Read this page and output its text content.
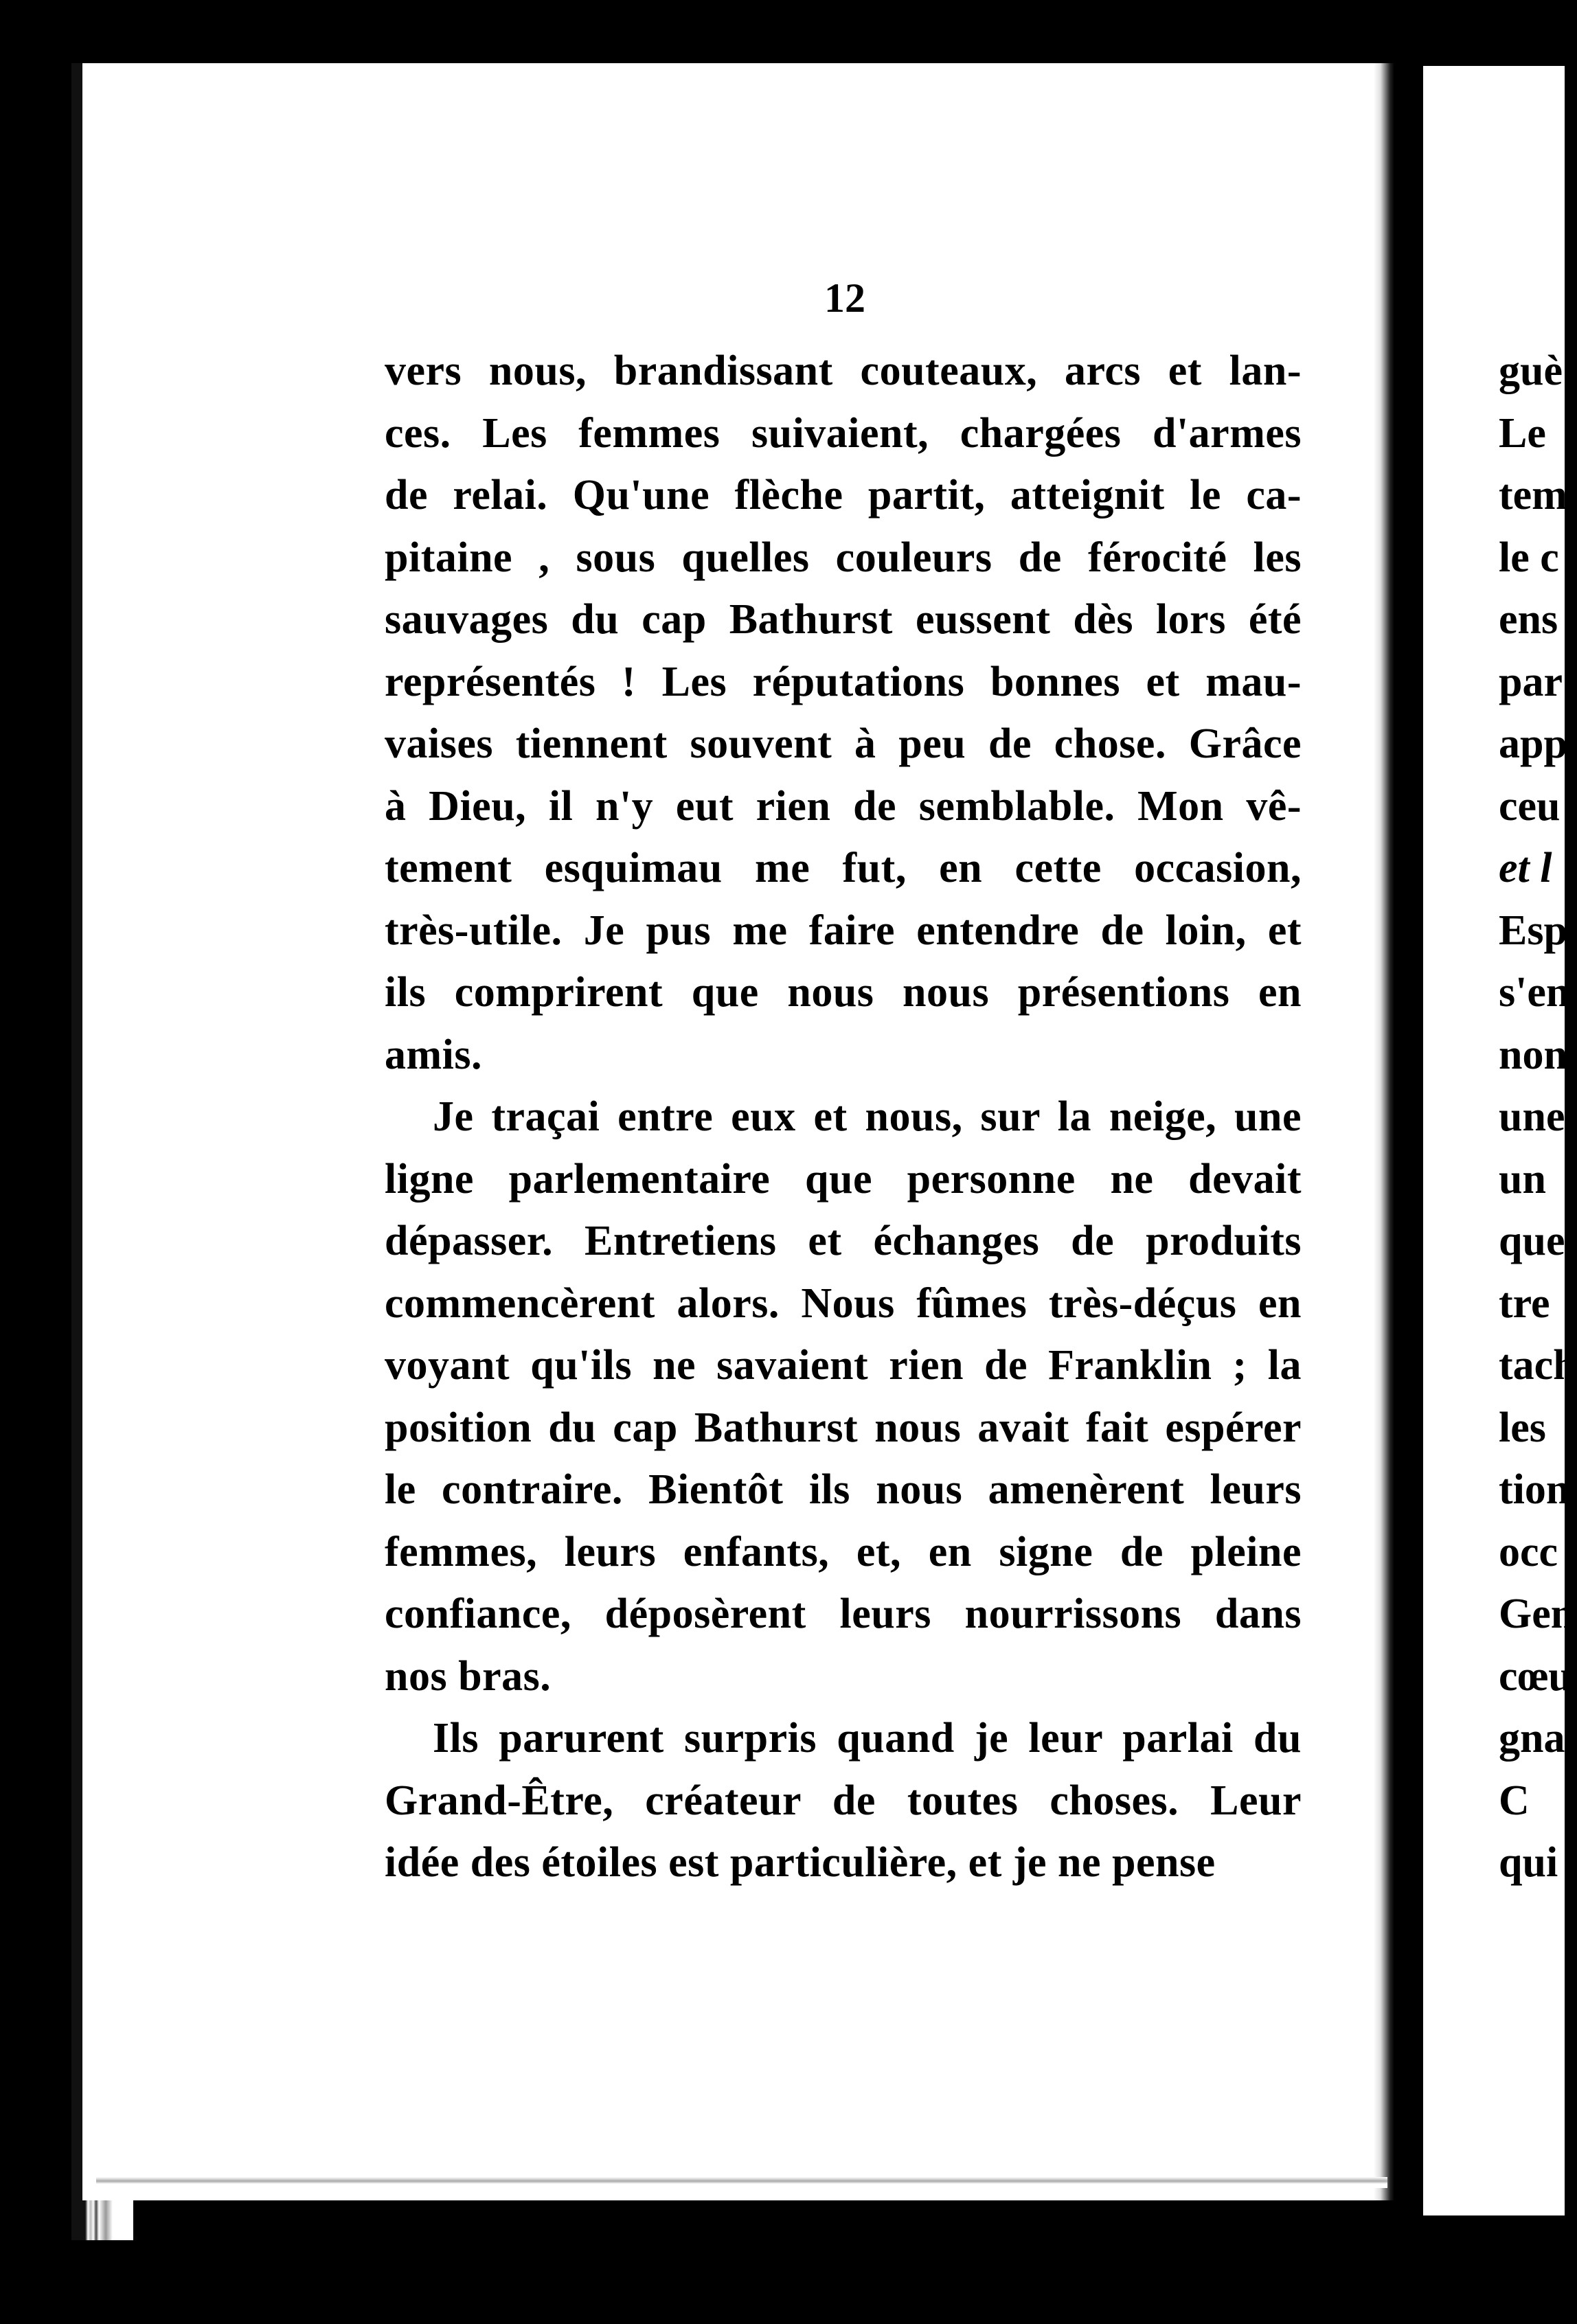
12
vers nous, brandissant couteaux, arcs et lan-
ces. Les femmes suivaient, chargées d'armes
de relai. Qu'une flèche partit, atteignit le ca-
pitaine , sous quelles couleurs de férocité les
sauvages du cap Bathurst eussent dès lors été
représentés ! Les réputations bonnes et mau-
vaises tiennent souvent à peu de chose. Grâce
à Dieu, il n'y eut rien de semblable. Mon vê-
tement esquimau me fut, en cette occasion,
très-utile. Je pus me faire entendre de loin, et
ils comprirent que nous nous présentions en
amis.
Je traçai entre eux et nous, sur la neige, une
ligne parlementaire que personne ne devait
dépasser. Entretiens et échanges de produits
commencèrent alors. Nous fûmes très-déçus en
voyant qu'ils ne savaient rien de Franklin ; la
position du cap Bathurst nous avait fait espérer
le contraire. Bientôt ils nous amenèrent leurs
femmes, leurs enfants, et, en signe de pleine
confiance, déposèrent leurs nourrissons dans
nos bras.
Ils parurent surpris quand je leur parlai du
Grand-Être, créateur de toutes choses. Leur
idée des étoiles est particulière, et je ne pense
guè
Le
tem
le c
ens
par
app
ceu
et l
Esp
s'en
non
une
un
que
tre
tach
les
tion
occ
Gen
cœu
gna
C
qui
